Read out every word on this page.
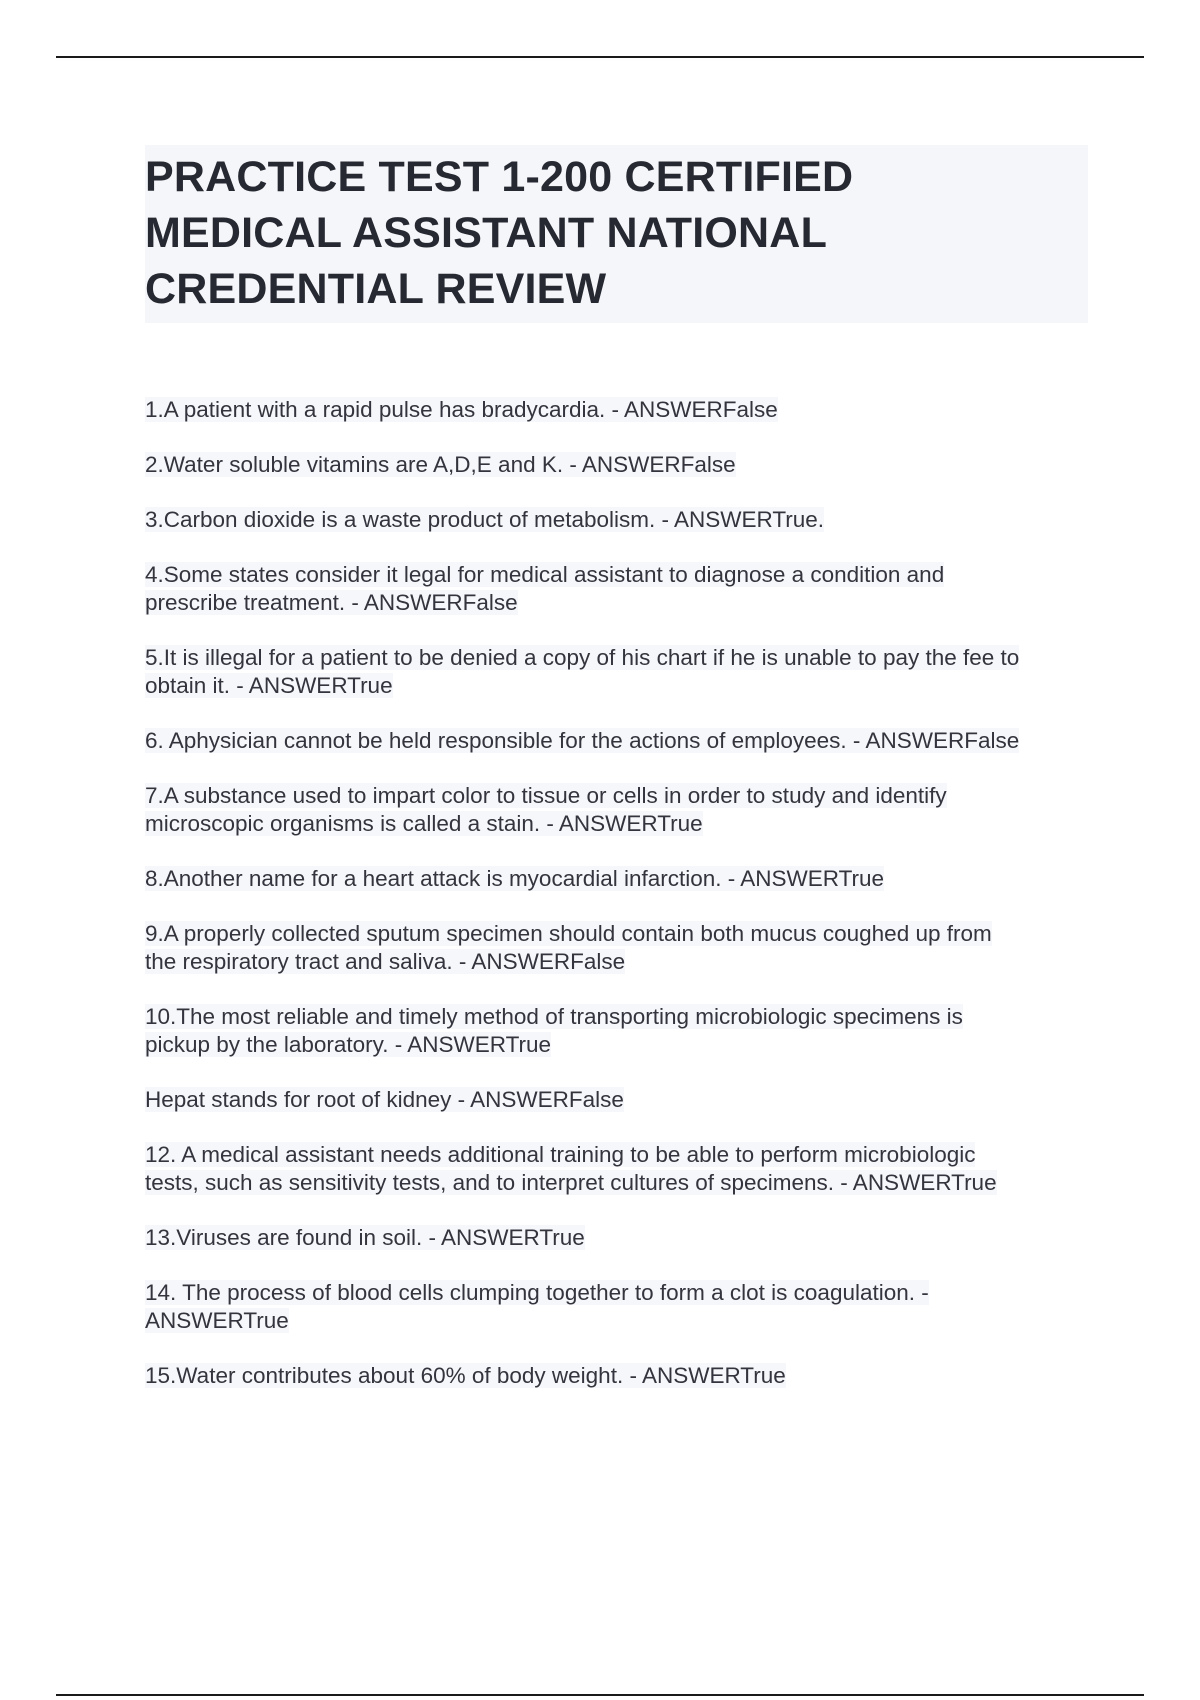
PRACTICE TEST 1-200 CERTIFIED
MEDICAL ASSISTANT NATIONAL
CREDENTIAL REVIEW
1.A patient with a rapid pulse has bradycardia. - ANSWERFalse
2.Water soluble vitamins are A,D,E and K. - ANSWERFalse
3.Carbon dioxide is a waste product of metabolism. - ANSWERTrue.
4.Some states consider it legal for medical assistant to diagnose a condition and
prescribe treatment. - ANSWERFalse
5.It is illegal for a patient to be denied a copy of his chart if he is unable to pay the fee to
obtain it. - ANSWERTrue
6. Aphysician cannot be held responsible for the actions of employees. - ANSWERFalse
7.A substance used to impart color to tissue or cells in order to study and identify
microscopic organisms is called a stain. - ANSWERTrue
8.Another name for a heart attack is myocardial infarction. - ANSWERTrue
9.A properly collected sputum specimen should contain both mucus coughed up from
the respiratory tract and saliva. - ANSWERFalse
10.The most reliable and timely method of transporting microbiologic specimens is
pickup by the laboratory. - ANSWERTrue
Hepat stands for root of kidney - ANSWERFalse
12. A medical assistant needs additional training to be able to perform microbiologic
tests, such as sensitivity tests, and to interpret cultures of specimens. - ANSWERTrue
13.Viruses are found in soil. - ANSWERTrue
14. The process of blood cells clumping together to form a clot is coagulation. -
ANSWERTrue
15.Water contributes about 60% of body weight. - ANSWERTrue
